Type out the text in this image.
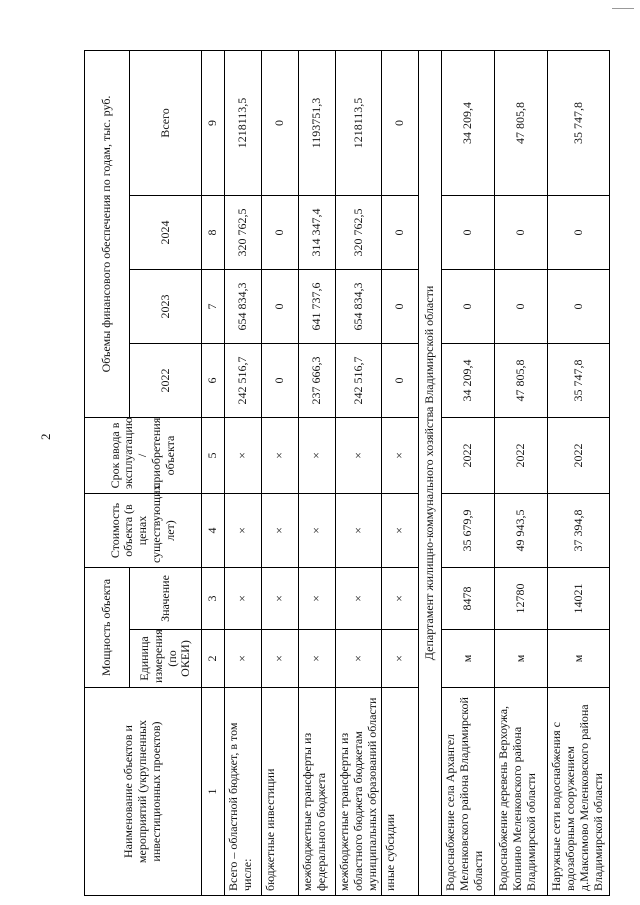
2
Наименование объектов и мероприятий (укрупненных инвестиционных проектов)	Мощность объекта		Стоимость объекта (в ценах существующих лет)	Срок ввода в эксплуатацию / приобретения объекта	Объемы финансового обеспечения по годам, тыс. руб.			
	Единица измерения (по ОКЕИ)	Значение			2022	2023	2024	Всего
1	2	3	4	5	6	7	8	9
Всего – областной бюджет, в том числе:	×	×	×	×	242 516,7	654 834,3	320 762,5	1218113,5
бюджетные инвестиции	×	×	×	×	0	0	0	0
межбюджетные трансферты из федерального бюджета	×	×	×	×	237 666,3	641 737,6	314 347,4	1193751,3
межбюджетные трансферты из областного бюджета бюджетам муниципальных образований области	×	×	×	×	242 516,7	654 834,3	320 762,5	1218113,5
иные субсидии	×	×	×	×	0	0	0	0
Департамент жилищно-коммунального хозяйства Владимирской области								
Водоснабжение села Архангел Меленковского района Владимирской области	м	8478	35 679,9	2022	34 209,4	0	0	34 209,4
Водоснабжение деревень Верхоужа, Копнино Меленковского района Владимирской области	м	12780	49 943,5	2022	47 805,8	0	0	47 805,8
Наружные сети водоснабжения с водозаборным сооружением д.Максимово Меленковского района Владимирской области	м	14021	37 394,8	2022	35 747,8	0	0	35 747,8
